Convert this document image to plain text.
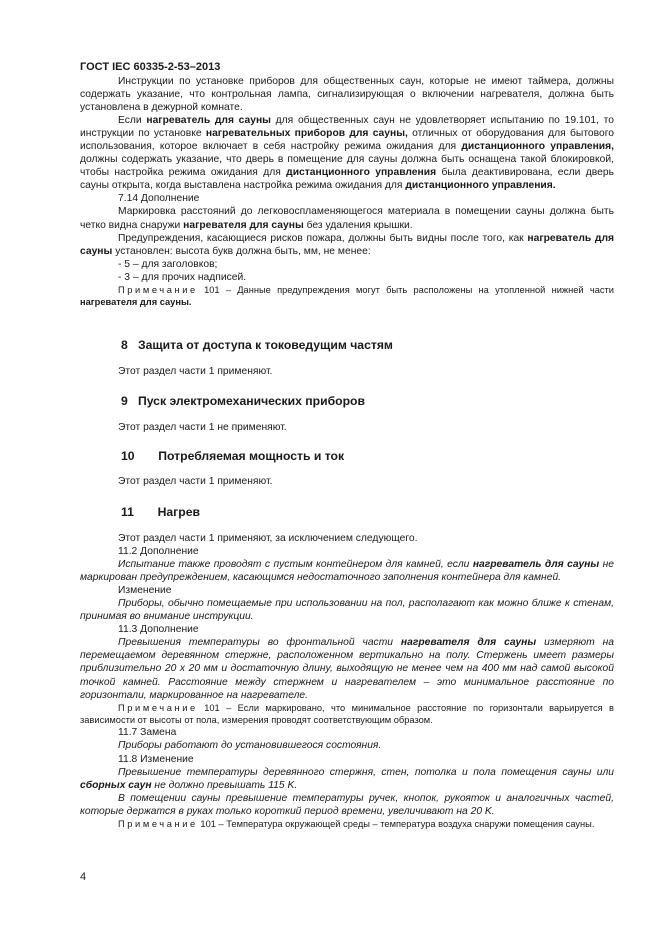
ГОСТ IEC 60335-2-53–2013

Инструкции по установке приборов для общественных саун, которые не имеют таймера, должны содержать указание, что контрольная лампа, сигнализирующая о включении нагревателя, должна быть установлена в дежурной комнате.

Если нагреватель для сауны для общественных саун не удовлетворяет испытанию по 19.101, то инструкции по установке нагревательных приборов для сауны, отличных от оборудования для бытового использования, которое включает в себя настройку режима ожидания для дистанционного управления, должны содержать указание, что дверь в помещение для сауны должна быть оснащена такой блокировкой, чтобы настройка режима ожидания для дистанционного управления была деактивирована, если дверь сауны открыта, когда выставлена настройка режима ожидания для дистанционного управления.

7.14 Дополнение

Маркировка расстояний до легковоспламеняющегося материала в помещении сауны должна быть четко видна снаружи нагревателя для сауны без удаления крышки.

Предупреждения, касающиеся рисков пожара, должны быть видны после того, как нагреватель для сауны установлен: высота букв должна быть, мм, не менее:

- 5 – для заголовков;

- 3 – для прочих надписей.

Примечание 101 – Данные предупреждения могут быть расположены на утопленной нижней части нагревателя для сауны.

8 Защита от доступа к токоведущим частям
Этот раздел части 1 применяют.
9 Пуск электромеханических приборов
Этот раздел части 1 не применяют.
10 Потребляемая мощность и ток
Этот раздел части 1 применяют.
11 Нагрев

Этот раздел части 1 применяют, за исключением следующего.

11.2 Дополнение

Испытание также проводят с пустым контейнером для камней, если нагреватель для сауны не маркирован предупреждением, касающимся недостаточного заполнения контейнера для камней.

Изменение

Приборы, обычно помещаемые при использовании на пол, располагают как можно ближе к стенам, принимая во внимание инструкции.

11.3 Дополнение

Превышения температуры во фронтальной части нагревателя для сауны измеряют на перемещаемом деревянном стержне, расположенном вертикально на полу. Стержень имеет размеры приблизительно 20 х 20 мм и достаточную длину, выходящую не менее чем на 400 мм над самой высокой точкой камней. Расстояние между стержнем и нагревателем – это минимальное расстояние по горизонтали, маркированное на нагревателе.

Примечание 101 – Если маркировано, что минимальное расстояние по горизонтали варьируется в зависимости от высоты от пола, измерения проводят соответствующим образом.

11.7 Замена

Приборы работают до установившегося состояния.

11.8 Изменение

Превышение температуры деревянного стержня, стен, потолка и пола помещения сауны или сборных саун не должно превышать 115 K.

В помещении сауны превышение температуры ручек, кнопок, рукояток и аналогичных частей, которые держатся в руках только короткий период времени, увеличивают на 20 K.

Примечание 101 – Температура окружающей среды – температура воздуха снаружи помещения сауны.

4
